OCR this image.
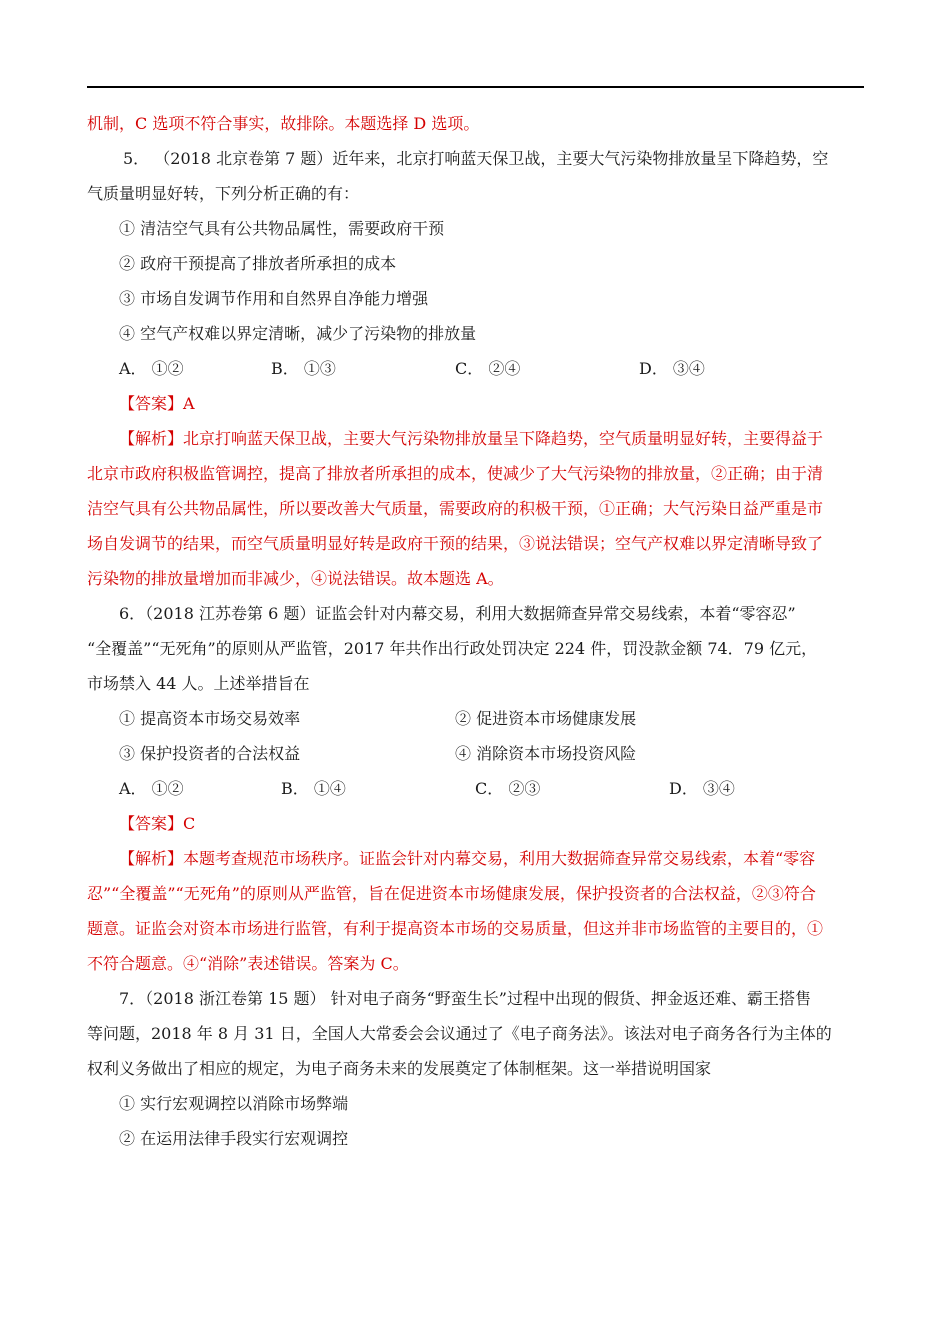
机制，C 选项不符合事实，故排除。本题选择 D 选项。

5． （2018 北京卷第 7 题）近年来，北京打响蓝天保卫战，主要大气污染物排放量呈下降趋势，空

气质量明显好转，下列分析正确的有：

① 清洁空气具有公共物品属性，需要政府干预

② 政府干预提高了排放者所承担的成本

③ 市场自发调节作用和自然界自净能力增强

④ 空气产权难以界定清晰，减少了污染物的排放量

A． ①②	B． ①③	C． ②④	D． ③④

【答案】A

【解析】北京打响蓝天保卫战，主要大气污染物排放量呈下降趋势，空气质量明显好转，主要得益于

北京市政府积极监管调控，提高了排放者所承担的成本，使减少了大气污染物的排放量，②正确；由于清

洁空气具有公共物品属性，所以要改善大气质量，需要政府的积极干预，①正确；大气污染日益严重是市

场自发调节的结果，而空气质量明显好转是政府干预的结果，③说法错误；空气产权难以界定清晰导致了

污染物的排放量增加而非减少，④说法错误。故本题选 A。

6．（2018 江苏卷第 6 题）证监会针对内幕交易，利用大数据筛查异常交易线索，本着“零容忍”

“全覆盖”“无死角”的原则从严监管，2017 年共作出行政处罚决定 224 件，罚没款金额 74．79 亿元，

市场禁入 44 人。上述举措旨在

① 提高资本市场交易效率	② 促进资本市场健康发展
③ 保护投资者的合法权益	④ 消除资本市场投资风险
A． ①②	B． ①④	C． ②③	D． ③④

【答案】C

【解析】本题考查规范市场秩序。证监会针对内幕交易，利用大数据筛查异常交易线索，本着“零容

忍”“全覆盖”“无死角”的原则从严监管，旨在促进资本市场健康发展，保护投资者的合法权益，②③符合

题意。证监会对资本市场进行监管，有利于提高资本市场的交易质量，但这并非市场监管的主要目的，①

不符合题意。④“消除”表述错误。答案为 C。

7．（2018 浙江卷第 15 题） 针对电子商务“野蛮生长”过程中出现的假货、押金返还难、霸王搭售

等问题，2018 年 8 月 31 日，全国人大常委会会议通过了《电子商务法》。该法对电子商务各行为主体的

权利义务做出了相应的规定，为电子商务未来的发展奠定了体制框架。这一举措说明国家

① 实行宏观调控以消除市场弊端

② 在运用法律手段实行宏观调控
